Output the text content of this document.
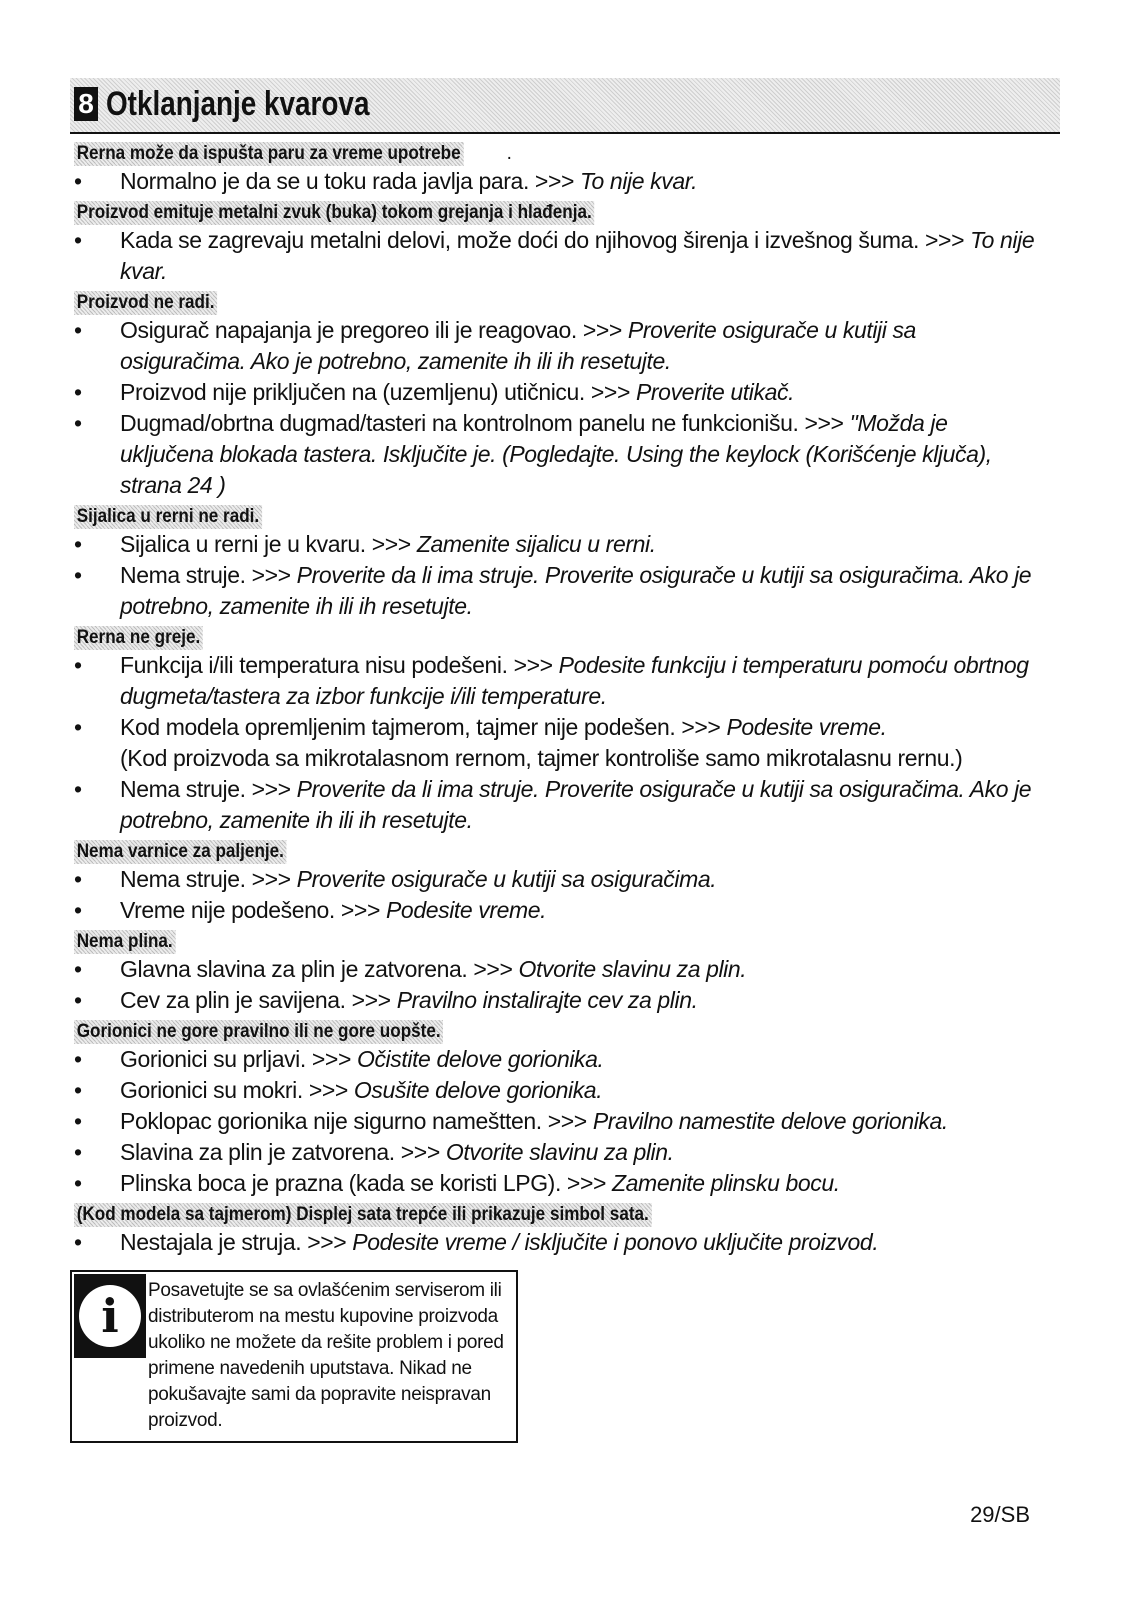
8 Otklanjanje kvarova
Rerna može da ispušta paru za vreme upotrebe .
• Normalno je da se u toku rada javlja para. >>> To nije kvar.
Proizvod emituje metalni zvuk (buka) tokom grejanja i hlađenja.
• Kada se zagrevaju metalni delovi, može doći do njihovog širenja i izvešnog šuma. >>> To nije kvar.
Proizvod ne radi.
• Osigurač napajanja je pregoreo ili je reagovao. >>> Proverite osigurače u kutiji sa osiguračima. Ako je potrebno, zamenite ih ili ih resetujte.
• Proizvod nije priključen na (uzemljenu) utičnicu. >>> Proverite utikač.
• Dugmad/obrtna dugmad/tasteri na kontrolnom panelu ne funkcionišu. >>> "Možda je uključena blokada tastera. Isključite je. (Pogledajte. Using the keylock (Korišćenje ključa), strana 24 )
Sijalica u rerni ne radi.
• Sijalica u rerni je u kvaru. >>> Zamenite sijalicu u rerni.
• Nema struje. >>> Proverite da li ima struje. Proverite osigurače u kutiji sa osiguračima. Ako je potrebno, zamenite ih ili ih resetujte.
Rerna ne greje.
• Funkcija i/ili temperatura nisu podešeni. >>> Podesite funkciju i temperaturu pomoću obrtnog dugmeta/tastera za izbor funkcije i/ili temperature.
• Kod modela opremljenim tajmerom, tajmer nije podešen. >>> Podesite vreme.
(Kod proizvoda sa mikrotalasnom rernom, tajmer kontroliše samo mikrotalasnu rernu.)
• Nema struje. >>> Proverite da li ima struje. Proverite osigurače u kutiji sa osiguračima. Ako je potrebno, zamenite ih ili ih resetujte.
Nema varnice za paljenje.
• Nema struje. >>> Proverite osigurače u kutiji sa osiguračima.
• Vreme nije podešeno. >>> Podesite vreme.
Nema plina.
• Glavna slavina za plin je zatvorena. >>> Otvorite slavinu za plin.
• Cev za plin je savijena. >>> Pravilno instalirajte cev za plin.
Gorionici ne gore pravilno ili ne gore uopšte.
• Gorionici su prljavi. >>> Očistite delove gorionika.
• Gorionici su mokri. >>> Osušite delove gorionika.
• Poklopac gorionika nije sigurno nameštten. >>> Pravilno namestite delove gorionika.
• Slavina za plin je zatvorena. >>> Otvorite slavinu za plin.
• Plinska boca je prazna (kada se koristi LPG). >>> Zamenite plinsku bocu.
(Kod modela sa tajmerom) Displej sata trepće ili prikazuje simbol sata.
• Nestajala je struja. >>> Podesite vreme / isključite i ponovo uključite proizvod.
i	Posavetujte se sa ovlašćenim serviserom ili distributerom na mestu kupovine proizvoda ukoliko ne možete da rešite problem i pored primene navedenih uputstava. Nikad ne pokušavajte sami da popravite neispravan proizvod.
29/SB
